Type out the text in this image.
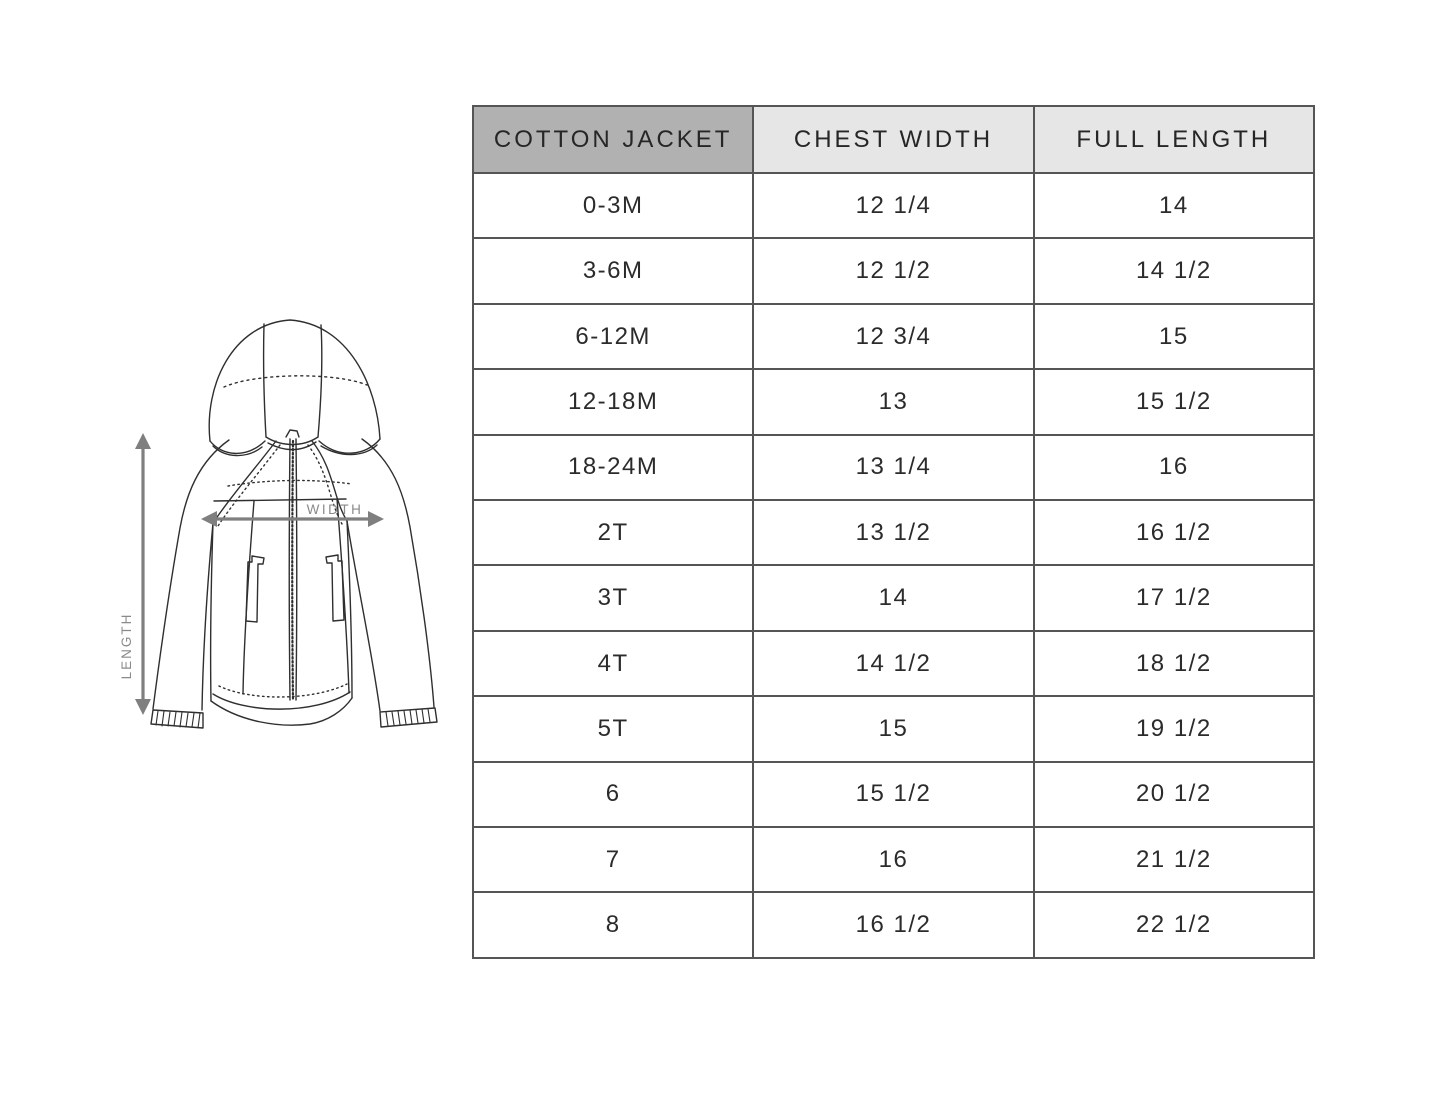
WIDTH
LENGTH
COTTON JACKET	CHEST WIDTH	FULL LENGTH
0-3M	12 1/4	14
3-6M	12 1/2	14 1/2
6-12M	12 3/4	15
12-18M	13	15 1/2
18-24M	13 1/4	16
2T	13 1/2	16 1/2
3T	14	17 1/2
4T	14 1/2	18 1/2
5T	15	19 1/2
6	15 1/2	20 1/2
7	16	21 1/2
8	16 1/2	22 1/2
